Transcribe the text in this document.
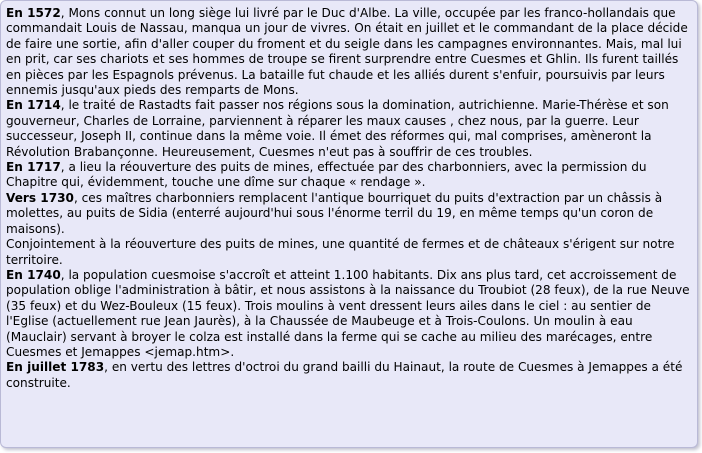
En 1572, Mons connut un long siège lui livré par le Duc d'Albe. La ville, occupée par les franco-hollandais que commandait Louis de Nassau, manqua un jour de vivres. On était en juillet et le commandant de la place décide de faire une sortie, afin d'aller couper du froment et du seigle dans les campagnes environnantes. Mais, mal lui en prit, car ses chariots et ses hommes de troupe se firent surprendre entre Cuesmes et Ghlin. Ils furent taillés en pièces par les Espagnols prévenus. La bataille fut chaude et les alliés durent s'enfuir, poursuivis par leurs ennemis jusqu'aux pieds des remparts de Mons.

En 1714, le traité de Rastadts fait passer nos régions sous la domination, autrichienne. Marie-Thérèse et son gouverneur, Charles de Lorraine, parviennent à réparer les maux causes , chez nous, par la guerre. Leur successeur, Joseph II, continue dans la même voie. Il émet des réformes qui, mal comprises, amèneront la Révolution Brabançonne. Heureusement, Cuesmes n'eut pas à souffrir de ces troubles.

En 1717, a lieu la réouverture des puits de mines, effectuée par des charbonniers, avec la permission du Chapitre qui, évidemment, touche une dîme sur chaque « rendage ».

Vers 1730, ces maîtres charbonniers remplacent l'antique bourriquet du puits d'extraction par un châssis à molettes, au puits de Sidia (enterré aujourd'hui sous l'énorme terril du 19, en même temps qu'un coron de maisons).

Conjointement à la réouverture des puits de mines, une quantité de fermes et de châteaux s'érigent sur notre territoire.

En 1740, la population cuesmoise s'accroît et atteint 1.100 habitants. Dix ans plus tard, cet accroissement de population oblige l'administration à bâtir, et nous assistons à la naissance du Troubiot (28 feux), de la rue Neuve (35 feux) et du Wez-Bouleux (15 feux). Trois moulins à vent dressent leurs ailes dans le ciel : au sentier de l'Eglise (actuellement rue Jean Jaurès), à la Chaussée de Maubeuge et à Trois-Coulons. Un moulin à eau (Mauclair) servant à broyer le colza est installé dans la ferme qui se cache au milieu des marécages, entre Cuesmes et Jemappes <jemap.htm>.

En juillet 1783, en vertu des lettres d'octroi du grand bailli du Hainaut, la route de Cuesmes à Jemappes a été construite.
